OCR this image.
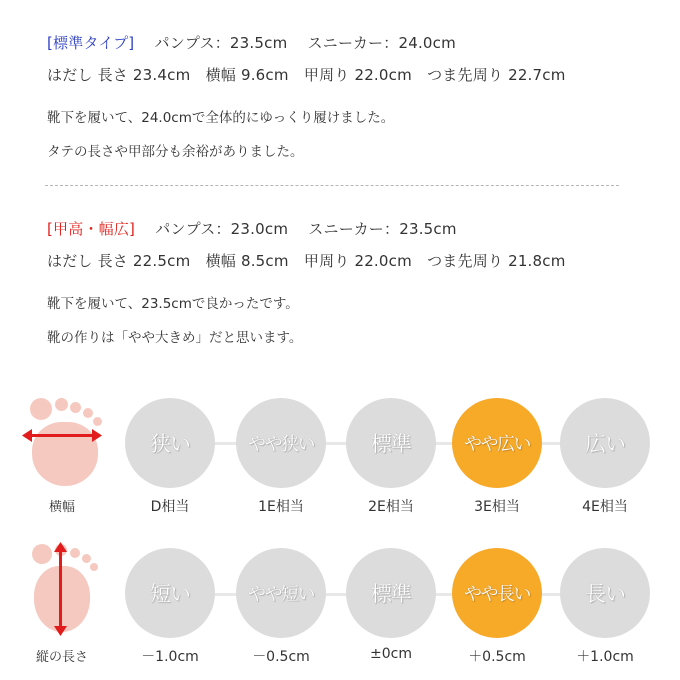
[標準タイプ]　 パンプス：23.5cm　 スニーカー：24.0cm
はだし 長さ 23.4cm　横幅 9.6cm　甲周り 22.0cm　つま先周り 22.7cm
靴下を履いて、24.0cmで全体的にゆっくり履けました。
タテの長さや甲部分も余裕がありました。
[甲高・幅広]　 パンプス：23.0cm　 スニーカー：23.5cm
はだし 長さ 22.5cm　横幅 8.5cm　甲周り 22.0cm　つま先周り 21.8cm
靴下を履いて、23.5cmで良かったです。
靴の作りは「やや大きめ」だと思います。
横幅
狭い	やや狭い	標準	やや広い	広い
D相当	1E相当	2E相当	3E相当	4E相当
縦の長さ
短い	やや短い	標準	やや長い	長い
－1.0cm	－0.5cm	±0cm	＋0.5cm	＋1.0cm
